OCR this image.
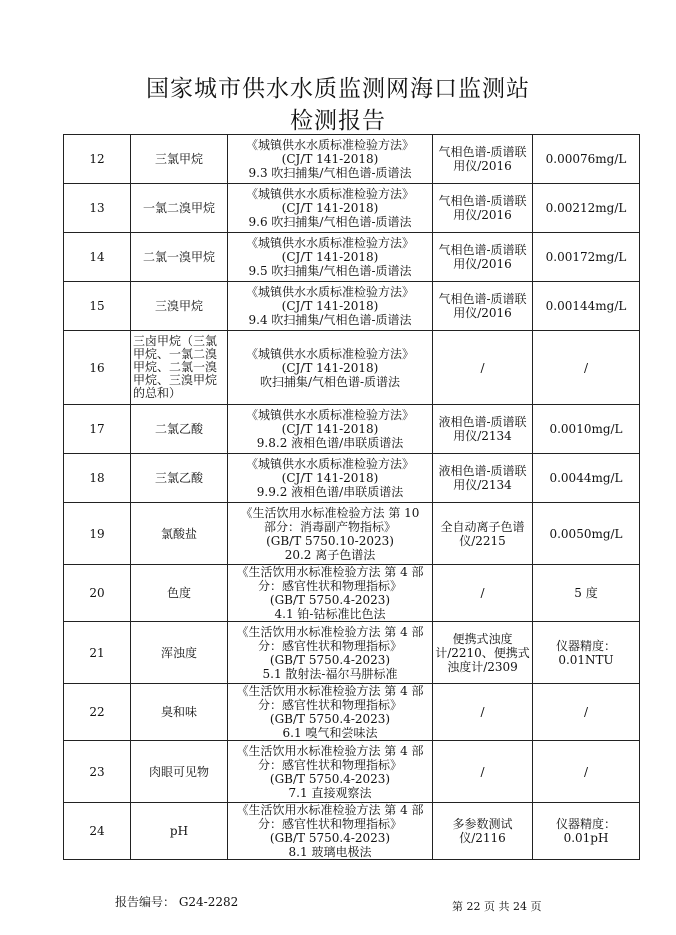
国家城市供水水质监测网海口监测站
检测报告
12	三氯甲烷	《城镇供水水质标准检验方法》
(CJ/T 141-2018)
9.3 吹扫捕集/气相色谱-质谱法	气相色谱-质谱联用仪/2016	0.00076mg/L
13	一氯二溴甲烷	《城镇供水水质标准检验方法》
(CJ/T 141-2018)
9.6 吹扫捕集/气相色谱-质谱法	气相色谱-质谱联用仪/2016	0.00212mg/L
14	二氯一溴甲烷	《城镇供水水质标准检验方法》
(CJ/T 141-2018)
9.5 吹扫捕集/气相色谱-质谱法	气相色谱-质谱联用仪/2016	0.00172mg/L
15	三溴甲烷	《城镇供水水质标准检验方法》
(CJ/T 141-2018)
9.4 吹扫捕集/气相色谱-质谱法	气相色谱-质谱联用仪/2016	0.00144mg/L
16	三卤甲烷（三氯甲烷、一氯二溴甲烷、二氯一溴甲烷、三溴甲烷的总和）	《城镇供水水质标准检验方法》
(CJ/T 141-2018)
吹扫捕集/气相色谱-质谱法	/	/
17	二氯乙酸	《城镇供水水质标准检验方法》
(CJ/T 141-2018)
9.8.2 液相色谱/串联质谱法	液相色谱-质谱联用仪/2134	0.0010mg/L
18	三氯乙酸	《城镇供水水质标准检验方法》
(CJ/T 141-2018)
9.9.2 液相色谱/串联质谱法	液相色谱-质谱联用仪/2134	0.0044mg/L
19	氯酸盐	《生活饮用水标准检验方法 第 10
部分：消毒副产物指标》
(GB/T 5750.10-2023)
20.2 离子色谱法	全自动离子色谱仪/2215	0.0050mg/L
20	色度	《生活饮用水标准检验方法 第 4 部
分：感官性状和物理指标》
(GB/T 5750.4-2023)
4.1 铂-钴标准比色法	/	5 度
21	浑浊度	《生活饮用水标准检验方法 第 4 部
分：感官性状和物理指标》
(GB/T 5750.4-2023)
5.1 散射法-福尔马肼标准	便携式浊度计/2210、便携式浊度计/2309	仪器精度：0.01NTU
22	臭和味	《生活饮用水标准检验方法 第 4 部
分：感官性状和物理指标》
(GB/T 5750.4-2023)
6.1 嗅气和尝味法	/	/
23	肉眼可见物	《生活饮用水标准检验方法 第 4 部
分：感官性状和物理指标》
(GB/T 5750.4-2023)
7.1 直接观察法	/	/
24	pH	《生活饮用水标准检验方法 第 4 部
分：感官性状和物理指标》
(GB/T 5750.4-2023)
8.1 玻璃电极法	多参数测试仪/2116	仪器精度：0.01pH
报告编号： G24-2282	第 22 页 共 24 页
